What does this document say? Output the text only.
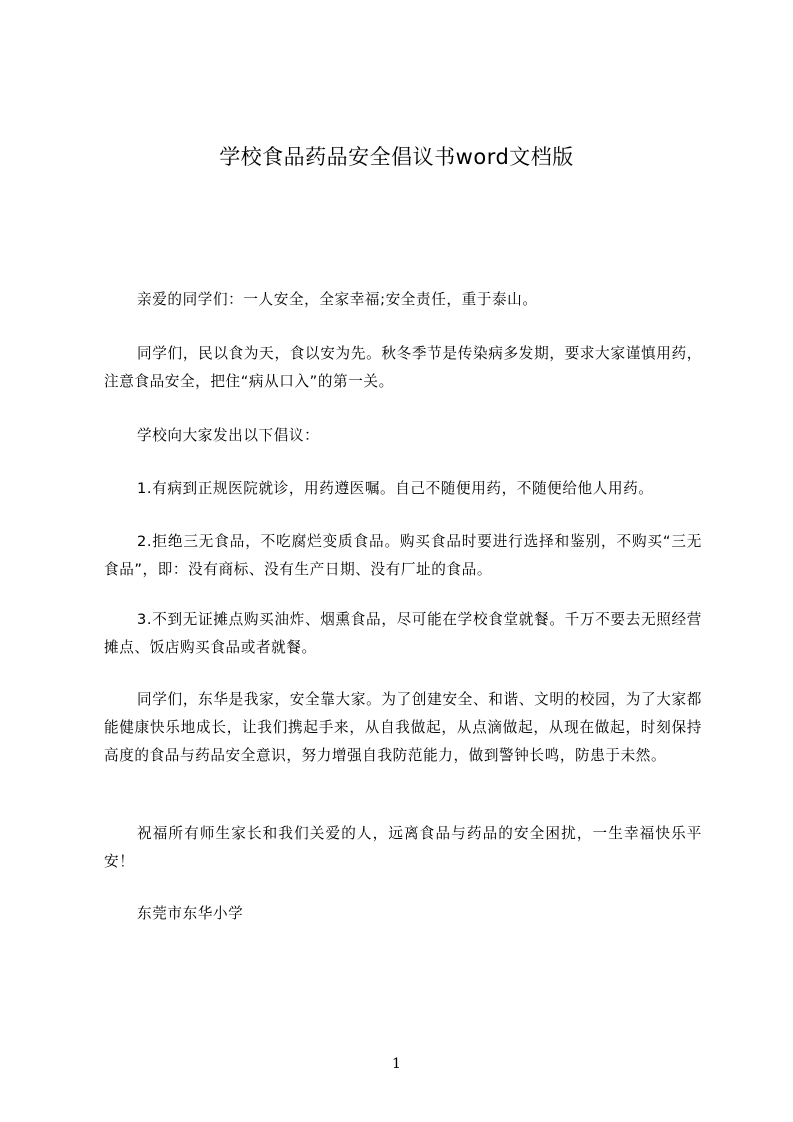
学校食品药品安全倡议书word文档版

亲爱的同学们：一人安全，全家幸福;安全责任，重于泰山。

同学们，民以食为天，食以安为先。秋冬季节是传染病多发期，要求大家谨慎用药，注意食品安全，把住“病从口入”的第一关。

学校向大家发出以下倡议：

1.有病到正规医院就诊，用药遵医嘱。自己不随便用药，不随便给他人用药。

2.拒绝三无食品，不吃腐烂变质食品。购买食品时要进行选择和鉴别，不购买“三无食品”，即：没有商标、没有生产日期、没有厂址的食品。

3.不到无证摊点购买油炸、烟熏食品，尽可能在学校食堂就餐。千万不要去无照经营摊点、饭店购买食品或者就餐。

同学们，东华是我家，安全靠大家。为了创建安全、和谐、文明的校园，为了大家都能健康快乐地成长，让我们携起手来，从自我做起，从点滴做起，从现在做起，时刻保持高度的食品与药品安全意识，努力增强自我防范能力，做到警钟长鸣，防患于未然。

祝福所有师生家长和我们关爱的人，远离食品与药品的安全困扰，一生幸福快乐平安！

东莞市东华小学

1
